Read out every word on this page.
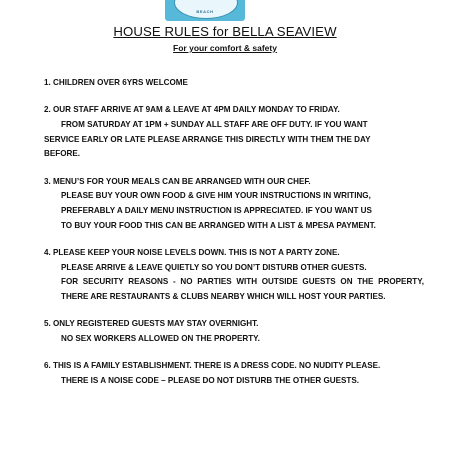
BEACH
HOUSE RULES for BELLA SEAVIEW
For your comfort & safety
1. CHILDREN OVER 6YRS WELCOME
2. OUR STAFF ARRIVE AT 9AM & LEAVE AT 4PM DAILY MONDAY TO FRIDAY.
FROM SATURDAY AT 1PM + SUNDAY ALL STAFF ARE OFF DUTY. IF YOU WANT
SERVICE EARLY OR LATE PLEASE ARRANGE THIS DIRECTLY WITH THEM THE DAY
BEFORE.
3. MENU’S FOR YOUR MEALS CAN BE ARRANGED WITH OUR CHEF.
PLEASE BUY YOUR OWN FOOD & GIVE HIM YOUR INSTRUCTIONS IN WRITING,
PREFERABLY A DAILY MENU INSTRUCTION IS APPRECIATED. IF YOU WANT US
TO BUY YOUR FOOD THIS CAN BE ARRANGED WITH A LIST & MPESA PAYMENT.
4. PLEASE KEEP YOUR NOISE LEVELS DOWN. THIS IS NOT A PARTY ZONE.
PLEASE ARRIVE & LEAVE QUIETLY SO YOU DON’T DISTURB OTHER GUESTS.
FOR SECURITY REASONS - NO PARTIES WITH OUTSIDE GUESTS ON THE PROPERTY, THERE ARE RESTAURANTS & CLUBS NEARBY WHICH WILL HOST YOUR PARTIES.
5. ONLY REGISTERED GUESTS MAY STAY OVERNIGHT.
NO SEX WORKERS ALLOWED ON THE PROPERTY.
6. THIS IS A FAMILY ESTABLISHMENT. THERE IS A DRESS CODE. NO NUDITY PLEASE.
THERE IS A NOISE CODE – PLEASE DO NOT DISTURB THE OTHER GUESTS.
